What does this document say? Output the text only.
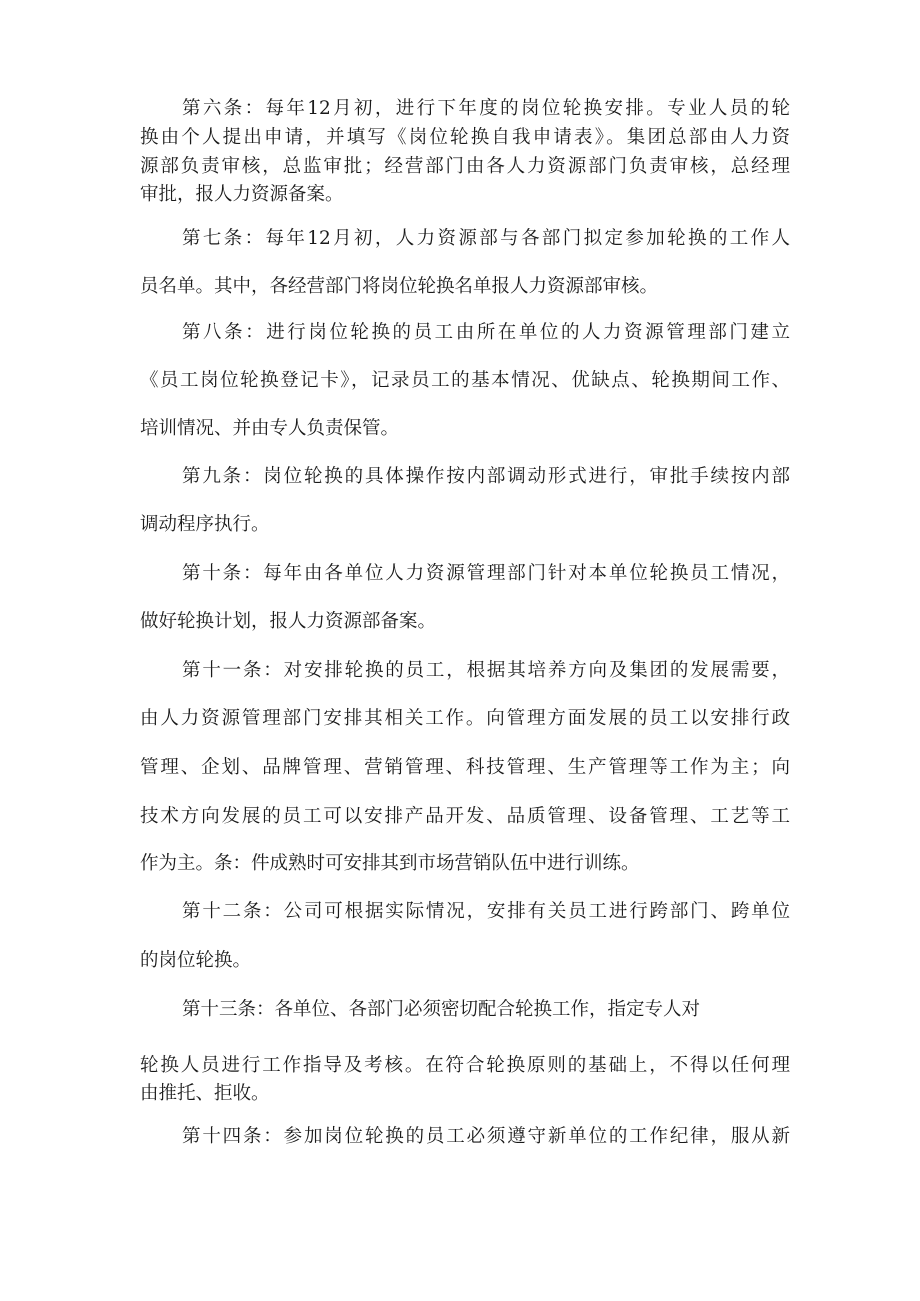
第六条：每年12月初，进行下年度的岗位轮换安排。专业人员的轮
换由个人提出申请，并填写《岗位轮换自我申请表》。集团总部由人力资
源部负责审核，总监审批；经营部门由各人力资源部门负责审核，总经理
审批，报人力资源备案。
第七条：每年12月初，人力资源部与各部门拟定参加轮换的工作人
员名单。其中，各经营部门将岗位轮换名单报人力资源部审核。
第八条：进行岗位轮换的员工由所在单位的人力资源管理部门建立
《员工岗位轮换登记卡》，记录员工的基本情况、优缺点、轮换期间工作、
培训情况、并由专人负责保管。
第九条：岗位轮换的具体操作按内部调动形式进行，审批手续按内部
调动程序执行。
第十条：每年由各单位人力资源管理部门针对本单位轮换员工情况，
做好轮换计划，报人力资源部备案。
第十一条：对安排轮换的员工，根据其培养方向及集团的发展需要，
由人力资源管理部门安排其相关工作。向管理方面发展的员工以安排行政
管理、企划、品牌管理、营销管理、科技管理、生产管理等工作为主；向
技术方向发展的员工可以安排产品开发、品质管理、设备管理、工艺等工
作为主。条：件成熟时可安排其到市场营销队伍中进行训练。
第十二条：公司可根据实际情况，安排有关员工进行跨部门、跨单位
的岗位轮换。
第十三条：各单位、各部门必须密切配合轮换工作，指定专人对
轮换人员进行工作指导及考核。在符合轮换原则的基础上，不得以任何理
由推托、拒收。
第十四条：参加岗位轮换的员工必须遵守新单位的工作纪律，服从新
